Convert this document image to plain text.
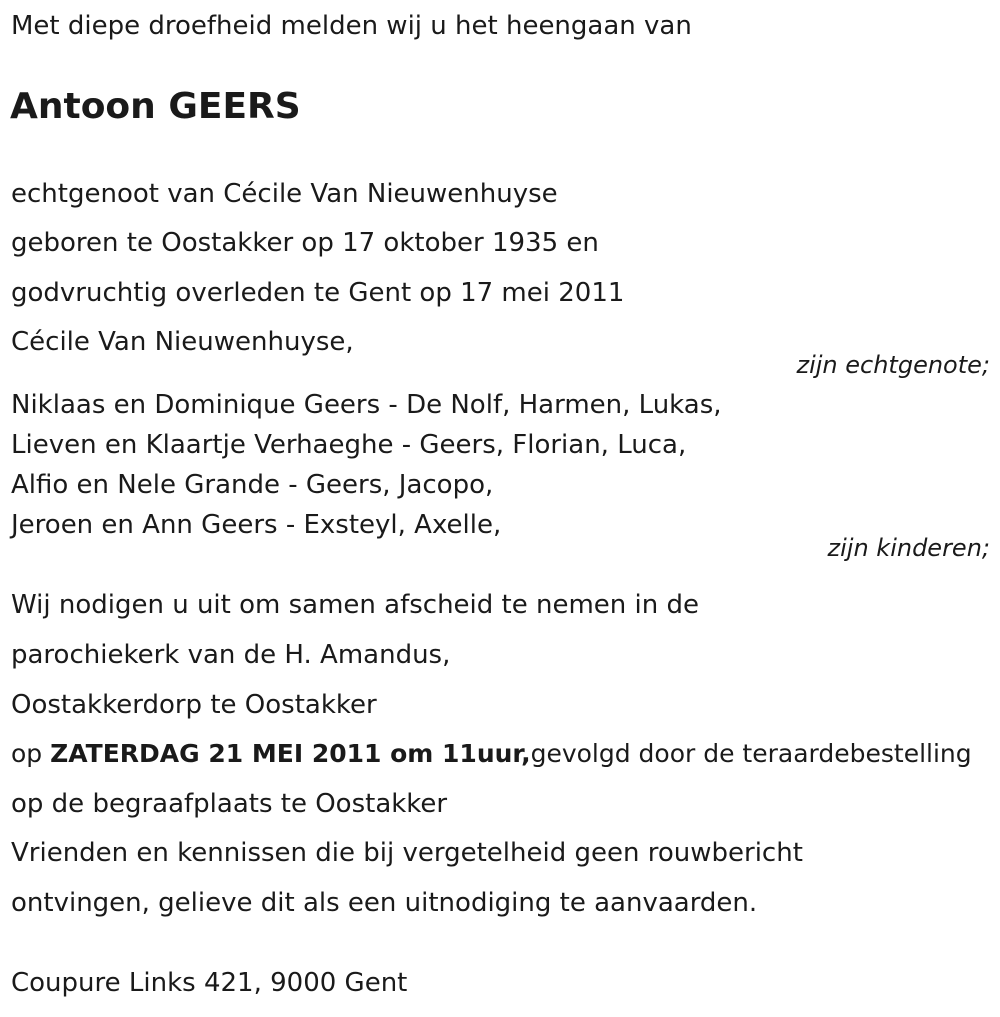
Met diepe droefheid melden wij u het heengaan van
Antoon GEERS
echtgenoot van Cécile Van Nieuwenhuyse
geboren te Oostakker op 17 oktober 1935 en
godvruchtig overleden te Gent op 17 mei 2011
Cécile Van Nieuwenhuyse,
zijn echtgenote;
Niklaas en Dominique Geers - De Nolf, Harmen, Lukas,
Lieven en Klaartje Verhaeghe - Geers, Florian, Luca,
Alfio en Nele Grande - Geers, Jacopo,
Jeroen en Ann Geers - Exsteyl, Axelle,
zijn kinderen;
Wij nodigen u uit om samen afscheid te nemen in de
parochiekerk van de H. Amandus,
Oostakkerdorp te Oostakker
op ZATERDAG 21 MEI 2011 om 11uur,gevolgd door de teraardebestelling
op de begraafplaats te Oostakker
Vrienden en kennissen die bij vergetelheid geen rouwbericht
ontvingen, gelieve dit als een uitnodiging te aanvaarden.
Coupure Links 421, 9000 Gent
